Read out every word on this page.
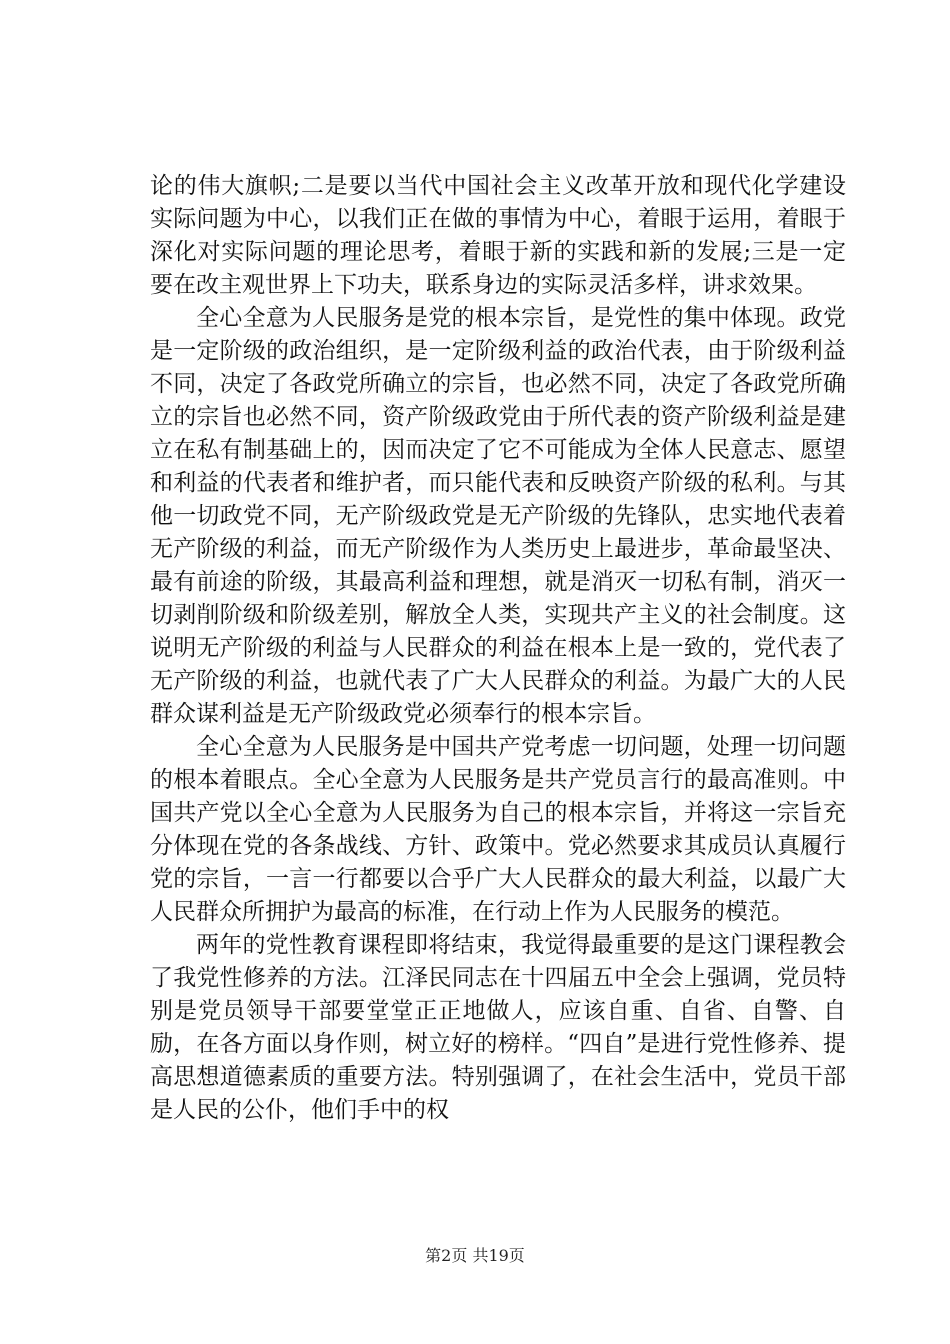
论的伟大旗帜;二是要以当代中国社会主义改革开放和现代化学建设实际问题为中心，以我们正在做的事情为中心，着眼于运用，着眼于深化对实际问题的理论思考，着眼于新的实践和新的发展;三是一定要在改主观世界上下功夫，联系身边的实际灵活多样，讲求效果。

全心全意为人民服务是党的根本宗旨，是党性的集中体现。政党是一定阶级的政治组织，是一定阶级利益的政治代表，由于阶级利益不同，决定了各政党所确立的宗旨，也必然不同，决定了各政党所确立的宗旨也必然不同，资产阶级政党由于所代表的资产阶级利益是建立在私有制基础上的，因而决定了它不可能成为全体人民意志、愿望和利益的代表者和维护者，而只能代表和反映资产阶级的私利。与其他一切政党不同，无产阶级政党是无产阶级的先锋队，忠实地代表着无产阶级的利益，而无产阶级作为人类历史上最进步，革命最坚决、最有前途的阶级，其最高利益和理想，就是消灭一切私有制，消灭一切剥削阶级和阶级差别，解放全人类，实现共产主义的社会制度。这说明无产阶级的利益与人民群众的利益在根本上是一致的，党代表了无产阶级的利益，也就代表了广大人民群众的利益。为最广大的人民群众谋利益是无产阶级政党必须奉行的根本宗旨。

全心全意为人民服务是中国共产党考虑一切问题，处理一切问题的根本着眼点。全心全意为人民服务是共产党员言行的最高准则。中国共产党以全心全意为人民服务为自己的根本宗旨，并将这一宗旨充分体现在党的各条战线、方针、政策中。党必然要求其成员认真履行党的宗旨，一言一行都要以合乎广大人民群众的最大利益，以最广大人民群众所拥护为最高的标准，在行动上作为人民服务的模范。

两年的党性教育课程即将结束，我觉得最重要的是这门课程教会了我党性修养的方法。江泽民同志在十四届五中全会上强调，党员特别是党员领导干部要堂堂正正地做人，应该自重、自省、自警、自励，在各方面以身作则，树立好的榜样。“四自”是进行党性修养、提高思想道德素质的重要方法。特别强调了，在社会生活中，党员干部是人民的公仆，他们手中的权

第2页 共19页
